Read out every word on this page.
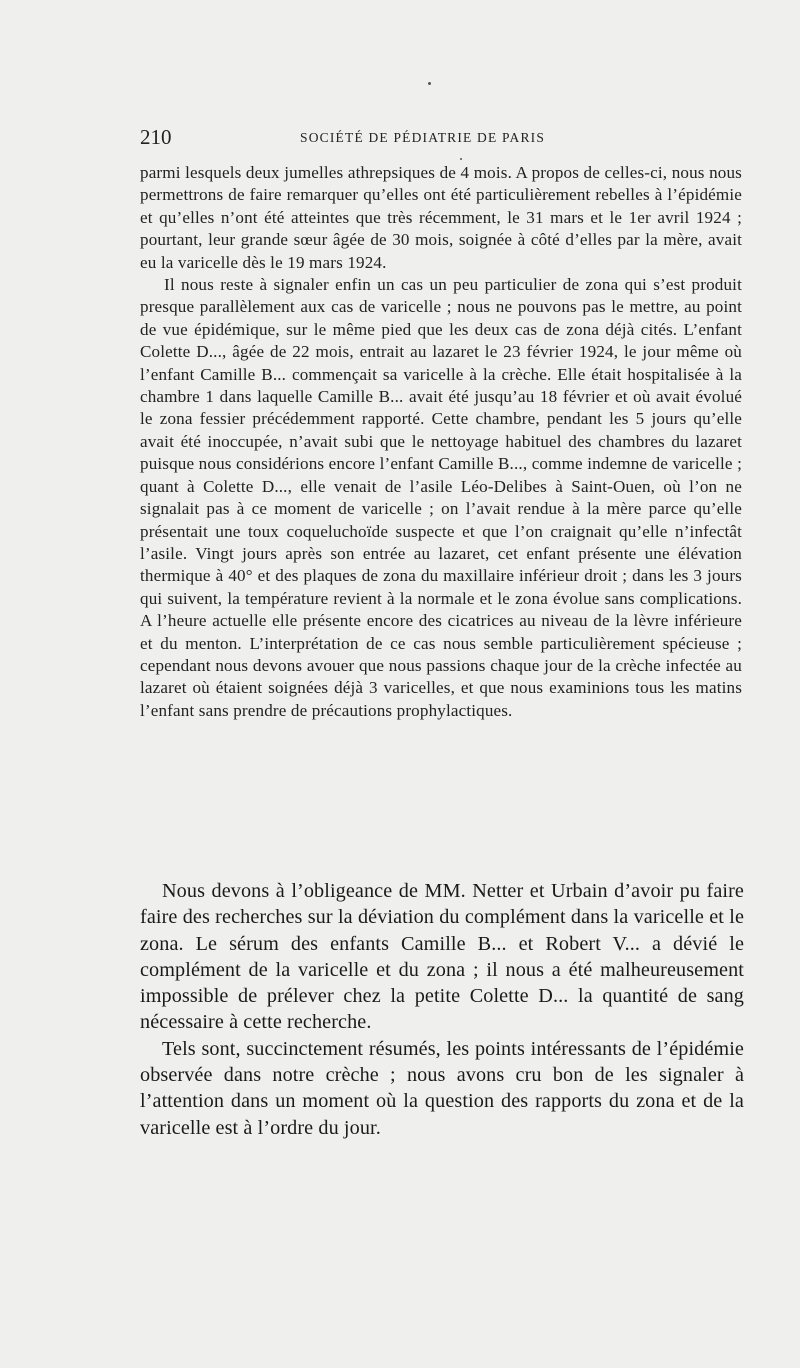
210	SOCIÉTÉ DE PÉDIATRIE DE PARIS

parmi lesquels deux jumelles athrepsiques de 4 mois. A propos de celles-ci, nous nous permettrons de faire remarquer qu’elles ont été particulièrement rebelles à l’épidémie et qu’elles n’ont été atteintes que très récemment, le 31 mars et le 1er avril 1924 ; pourtant, leur grande sœur âgée de 30 mois, soignée à côté d’elles par la mère, avait eu la varicelle dès le 19 mars 1924.

Il nous reste à signaler enfin un cas un peu particulier de zona qui s’est produit presque parallèlement aux cas de varicelle ; nous ne pouvons pas le mettre, au point de vue épidémique, sur le même pied que les deux cas de zona déjà cités. L’enfant Colette D..., âgée de 22 mois, entrait au lazaret le 23 février 1924, le jour même où l’enfant Camille B... commençait sa varicelle à la crèche. Elle était hospitalisée à la chambre 1 dans laquelle Camille B... avait été jusqu’au 18 février et où avait évolué le zona fessier précédemment rapporté. Cette chambre, pendant les 5 jours qu’elle avait été inoccupée, n’avait subi que le nettoyage habituel des chambres du lazaret puisque nous considérions encore l’enfant Camille B..., comme indemne de varicelle ; quant à Colette D..., elle venait de l’asile Léo-Delibes à Saint-Ouen, où l’on ne signalait pas à ce moment de varicelle ; on l’avait rendue à la mère parce qu’elle présentait une toux coqueluchoïde suspecte et que l’on craignait qu’elle n’infectât l’asile. Vingt jours après son entrée au lazaret, cet enfant présente une élévation thermique à 40° et des plaques de zona du maxillaire inférieur droit ; dans les 3 jours qui suivent, la température revient à la normale et le zona évolue sans complications. A l’heure actuelle elle présente encore des cicatrices au niveau de la lèvre inférieure et du menton. L’interprétation de ce cas nous semble particulièrement spécieuse ; cependant nous devons avouer que nous passions chaque jour de la crèche infectée au lazaret où étaient soignées déjà 3 varicelles, et que nous examinions tous les matins l’enfant sans prendre de précautions prophylactiques.

Nous devons à l’obligeance de MM. Netter et Urbain d’avoir pu faire faire des recherches sur la déviation du complément dans la varicelle et le zona. Le sérum des enfants Camille B... et Robert V... a dévié le complément de la varicelle et du zona ; il nous a été malheureusement impossible de prélever chez la petite Colette D... la quantité de sang nécessaire à cette recherche.

Tels sont, succinctement résumés, les points intéressants de l’épidémie observée dans notre crèche ; nous avons cru bon de les signaler à l’attention dans un moment où la question des rapports du zona et de la varicelle est à l’ordre du jour.
